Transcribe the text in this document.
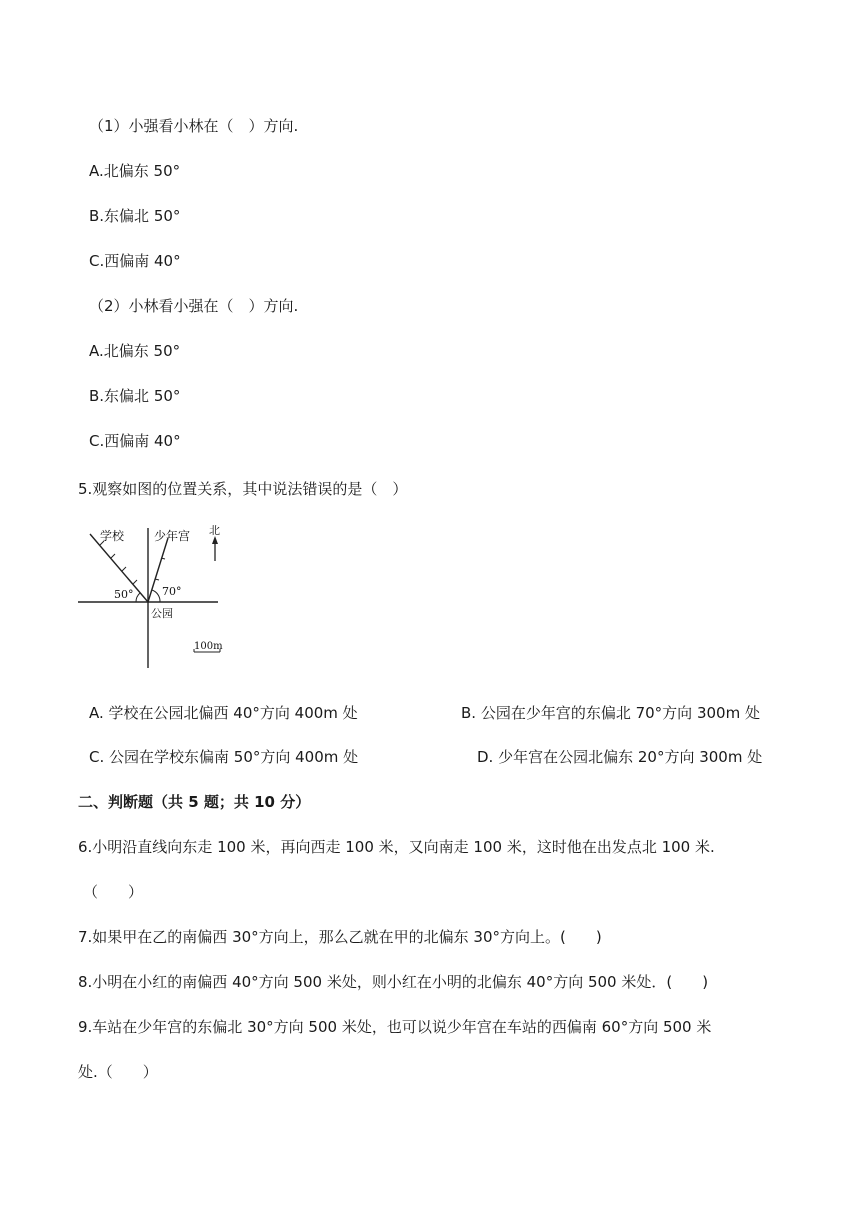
（1）小强看小林在（　）方向.
A.北偏东 50°
B.东偏北 50°
C.西偏南 40°
（2）小林看小强在（　）方向.
A.北偏东 50°
B.东偏北 50°
C.西偏南 40°
5.观察如图的位置关系，其中说法错误的是（　）
学校 少年宫 北
50°	70°
公园
100m
A. 学校在公园北偏西 40°方向 400m 处	B. 公园在少年宫的东偏北 70°方向 300m 处
C. 公园在学校东偏南 50°方向 400m 处	D. 少年宫在公园北偏东 20°方向 300m 处
二、判断题（共 5 题；共 10 分）
6.小明沿直线向东走 100 米，再向西走 100 米，又向南走 100 米，这时他在出发点北 100 米.
（　　）
7.如果甲在乙的南偏西 30°方向上，那么乙就在甲的北偏东 30°方向上。(　　)
8.小明在小红的南偏西 40°方向 500 米处，则小红在小明的北偏东 40°方向 500 米处．(　　)
9.车站在少年宫的东偏北 30°方向 500 米处，也可以说少年宫在车站的西偏南 60°方向 500 米
处.（　　）
